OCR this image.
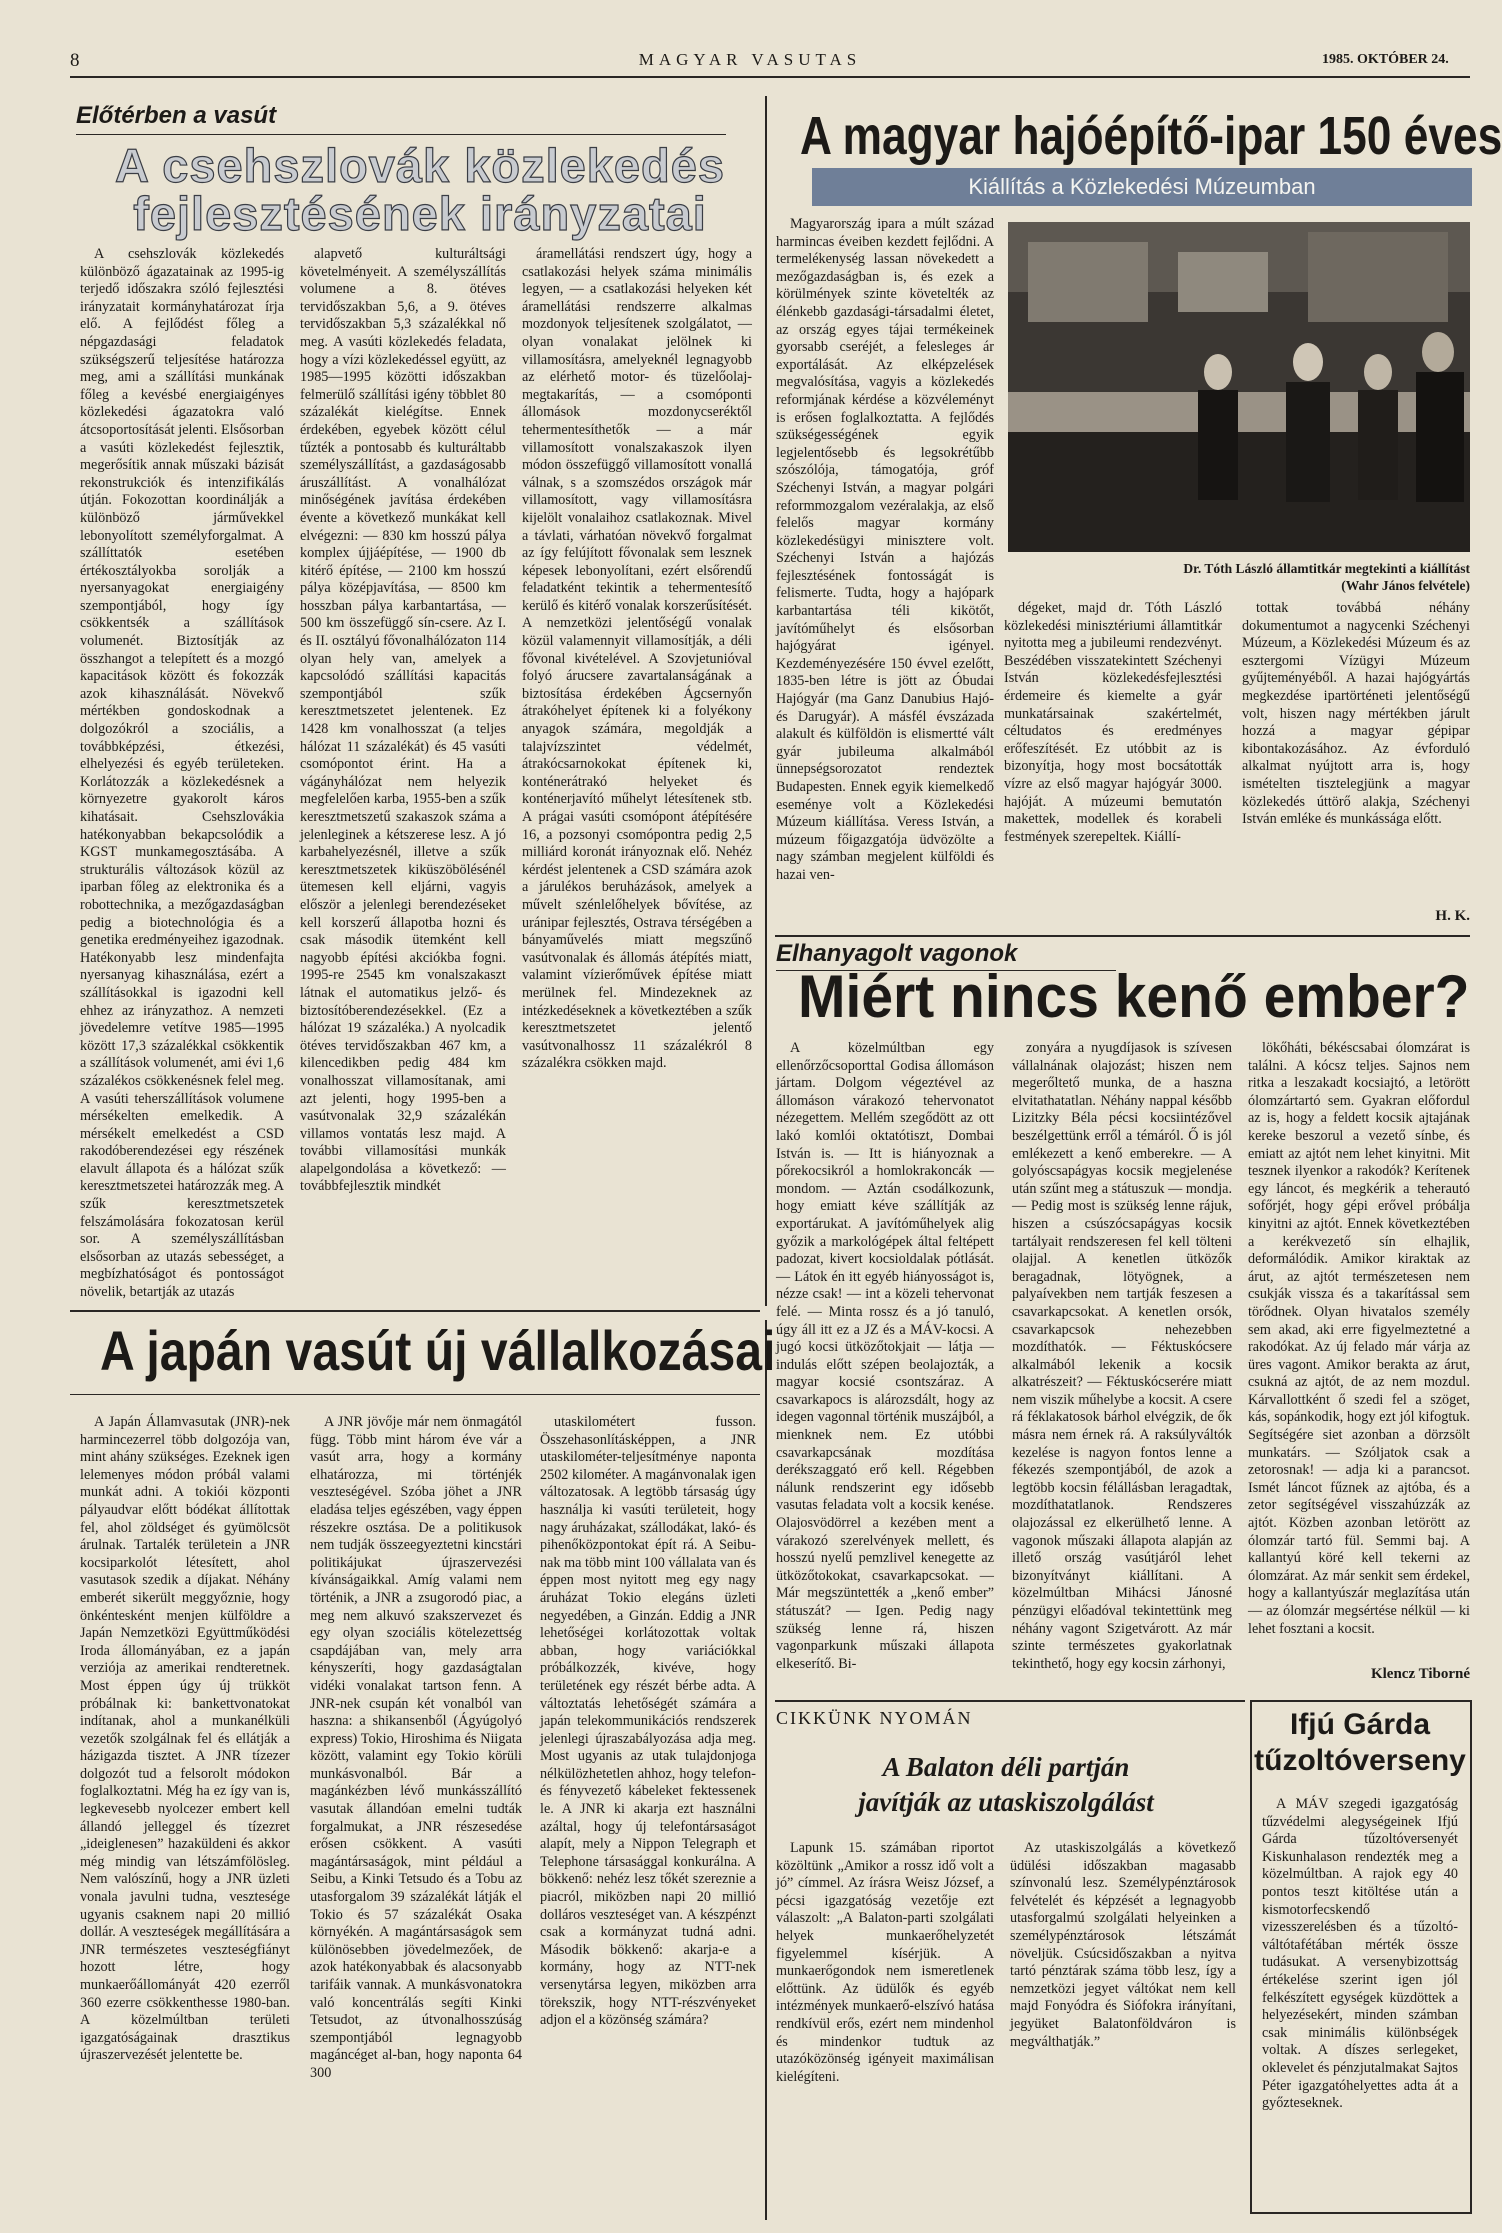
8	MAGYAR VASUTAS	1985. OKTÓBER 24.
Előtérben a vasút
A csehszlovák közlekedés
fejlesztésének irányzatai

A csehszlovák közlekedés különböző ágazatainak az 1995-ig terjedő időszakra szóló fejlesztési irányzatait kormányhatározat írja elő. A fejlődést főleg a népgazdasági feladatok szükségszerű teljesítése határozza meg, ami a szállítási munkának főleg a kevésbé energiaigényes közlekedési ágazatokra való átcsoportosítását jelenti. Elsősorban a vasúti közlekedést fejlesztik, megerősítik annak műszaki bázisát rekonstrukciók és intenzifikálás útján. Fokozottan koordinálják a különböző járművekkel lebonyolított személyforgalmat. A szállíttatók esetében értékosztályokba sorolják a nyersanyagokat energiaigény szempontjából, hogy így csökkentsék a szállítások volumenét. Biztosítják az összhangot a telepített és a mozgó kapacitások között és fokozzák azok kihasználását. Növekvő mértékben gondoskodnak a dolgozókról a szociális, a továbbképzési, étkezési, elhelyezési és egyéb területeken. Korlátozzák a közlekedésnek a környezetre gyakorolt káros kihatásait. Csehszlovákia hatékonyabban bekapcsolódik a KGST munkamegosztásába. A strukturális változások közül az iparban főleg az elektronika és a robottechnika, a mezőgazdaságban pedig a biotechnológia és a genetika eredményeihez igazodnak. Hatékonyabb lesz mindenfajta nyersanyag kihasználása, ezért a szállításokkal is igazodni kell ehhez az irányzathoz. A nemzeti jövedelemre vetítve 1985—1995 között 17,3 százalékkal csökkentik a szállítások volumenét, ami évi 1,6 százalékos csökkenésnek felel meg. A vasúti teherszállítások volumene mérsékelten emelkedik. A mérsékelt emelkedést a CSD rakodóberendezései egy részének elavult állapota és a hálózat szűk keresztmetszetei határozzák meg. A szűk keresztmetszetek felszámolására fokozatosan kerül sor. A személyszállításban elsősorban az utazás sebességet, a megbízhatóságot és pontosságot növelik, betartják az utazás

alapvető kulturáltsági követelményeit. A személyszállítás volumene a 8. ötéves tervidőszakban 5,6, a 9. ötéves tervidőszakban 5,3 százalékkal nő meg. A vasúti közlekedés feladata, hogy a vízi közlekedéssel együtt, az 1985—1995 közötti időszakban felmerülő szállítási igény többlet 80 százalékát kielégítse. Ennek érdekében, egyebek között célul tűzték a pontosabb és kulturáltabb személyszállítást, a gazdaságosabb áruszállítást. A vonalhálózat minőségének javítása érdekében évente a következő munkákat kell elvégezni: — 830 km hosszú pálya komplex újjáépítése, — 1900 db kitérő építése, — 2100 km hosszú pálya középjavítása, — 8500 km hosszban pálya karbantartása, — 500 km összefüggő sín-csere. Az I. és II. osztályú fővonalhálózaton 114 olyan hely van, amelyek a kapcsolódó szállítási kapacitás szempontjából szűk keresztmetszetet jelentenek. Ez 1428 km vonalhosszat (a teljes hálózat 11 százalékát) és 45 vasúti csomópontot érint. Ha a vágányhálózat nem helyezik megfelelően karba, 1955-ben a szűk keresztmetszetű szakaszok száma a jelenleginek a kétszerese lesz. A jó karbahelyezésnél, illetve a szűk keresztmetszetek kiküszöbölésénél ütemesen kell eljárni, vagyis először a jelenlegi berendezéseket kell korszerű állapotba hozni és csak második ütemként kell nagyobb építési akciókba fogni. 1995-re 2545 km vonalszakaszt látnak el automatikus jelző- és biztosítóberendezésekkel. (Ez a hálózat 19 százaléka.) A nyolcadik ötéves tervidőszakban 467 km, a kilencedikben pedig 484 km vonalhosszat villamosítanak, ami azt jelenti, hogy 1995-ben a vasútvonalak 32,9 százalékán villamos vontatás lesz majd. A további villamosítási munkák alapelgondolása a következő: — továbbfejlesztik mindkét

áramellátási rendszert úgy, hogy a csatlakozási helyek száma minimális legyen, — a csatlakozási helyeken két áramellátási rendszerre alkalmas mozdonyok teljesítenek szolgálatot, — olyan vonalakat jelölnek ki villamosításra, amelyeknél legnagyobb az elérhető motor- és tüzelőolaj-megtakarítás, — a csomóponti állomások mozdonycseréktől tehermentesíthetők — a már villamosított vonalszakaszok ilyen módon összefüggő villamosított vonallá válnak, s a szomszédos országok már villamosított, vagy villamosításra kijelölt vonalaihoz csatlakoznak. Mivel a távlati, várhatóan növekvő forgalmat az így felújított fővonalak sem lesznek képesek lebonyolítani, ezért elsőrendű feladatként tekintik a tehermentesítő kerülő és kitérő vonalak korszerűsítését. A nemzetközi jelentőségű vonalak közül valamennyit villamosítják, a déli fővonal kivételével. A Szovjetunióval folyó árucsere zavartalanságának a biztosítása érdekében Ágcsernyőn átrakóhelyet építenek ki a folyékony anyagok számára, megoldják a talajvízszintet védelmét, átrakócsarnokokat építenek ki, konténerátrakó helyeket és konténerjavító műhelyt létesítenek stb. A prágai vasúti csomópont átépítésére 16, a pozsonyi csomópontra pedig 2,5 milliárd koronát irányoznak elő. Nehéz kérdést jelentenek a CSD számára azok a járulékos beruházások, amelyek a művelt szénlelőhelyek bővítése, az uránipar fejlesztés, Ostrava térségében a bányaművelés miatt megszűnő vasútvonalak és állomás átépítés miatt, valamint vízierőművek építése miatt merülnek fel. Mindezeknek az intézkedéseknek a következtében a szűk keresztmetszetet jelentő vasútvonalhossz 11 százalékról 8 százalékra csökken majd.

A magyar hajóépítő-ipar 150 éves
Kiállítás a Közlekedési Múzeumban

Magyarország ipara a múlt század harmincas éveiben kezdett fejlődni. A termelékenység lassan növekedett a mezőgazdaságban is, és ezek a körülmények szinte követelték az élénkebb gazdasági-társadalmi életet, az ország egyes tájai termékeinek gyorsabb cseréjét, a felesleges ár exportálását. Az elképzelések megvalósítása, vagyis a közlekedés reformjának kérdése a közvéleményt is erősen foglalkoztatta. A fejlődés szükségességének egyik legjelentősebb és legsokrétűbb szószólója, támogatója, gróf Széchenyi István, a magyar polgári reformmozgalom vezéralakja, az első felelős magyar kormány közlekedésügyi minisztere volt. Széchenyi István a hajózás fejlesztésének fontosságát is felismerte. Tudta, hogy a hajópark karbantartása téli kikötőt, javítóműhelyt és elsősorban hajógyárat igényel. Kezdeményezésére 150 évvel ezelőtt, 1835-ben létre is jött az Óbudai Hajógyár (ma Ganz Danubius Hajó- és Darugyár). A másfél évszázada alakult és külföldön is elismertté vált gyár jubileuma alkalmából ünnepségsorozatot rendeztek Budapesten. Ennek egyik kiemelkedő eseménye volt a Közlekedési Múzeum kiállítása. Veress István, a múzeum főigazgatója üdvözölte a nagy számban megjelent külföldi és hazai ven-

Dr. Tóth László államtitkár megtekinti a kiállítást
(Wahr János felvétele)

dégeket, majd dr. Tóth László közlekedési minisztériumi államtitkár nyitotta meg a jubileumi rendezvényt. Beszédében visszatekintett Széchenyi István közlekedésfejlesztési érdemeire és kiemelte a gyár munkatársainak szakértelmét, céltudatos és eredményes erőfeszítését. Ez utóbbit az is bizonyítja, hogy most bocsátották vízre az első magyar hajógyár 3000. hajóját. A múzeumi bemutatón makettek, modellek és korabeli festmények szerepeltek. Kiállí-

tottak továbbá néhány dokumentumot a nagycenki Széchenyi Múzeum, a Közlekedési Múzeum és az esztergomi Vízügyi Múzeum gyűjteményéből. A hazai hajógyártás megkezdése ipartörténeti jelentőségű volt, hiszen nagy mértékben járult hozzá a magyar gépipar kibontakozásához. Az évforduló alkalmat nyújtott arra is, hogy ismételten tisztelegjünk a magyar közlekedés úttörő alakja, Széchenyi István emléke és munkássága előtt.

H. K.
Elhanyagolt vagonok
Miért nincs kenő ember?

A közelmúltban egy ellenőrzőcsoporttal Godisa állomáson jártam. Dolgom végeztével az állomáson várakozó tehervonatot nézegettem. Mellém szegődött az ott lakó komlói oktatótiszt, Dombai István is. — Itt is hiányoznak a pőrekocsikról a homlokrakoncák — mondom. — Aztán csodálkozunk, hogy emiatt kéve szállítják az exportárukat. A javítóműhelyek alig győzik a markológépek által feltépett padozat, kivert kocsioldalak pótlását. — Látok én itt egyéb hiányosságot is, nézze csak! — int a közeli tehervonat felé. — Minta rossz és a jó tanuló, úgy áll itt ez a JZ és a MÁV-kocsi. A jugó kocsi ütközőtokjait — látja — indulás előtt szépen beolajozták, a magyar kocsié csontszáraz. A csavarkapocs is alározsdált, hogy az idegen vagonnal történik muszájból, a mienknek nem. Ez utóbbi csavarkapcsának mozdítása derékszaggató erő kell. Régebben nálunk rendszerint egy idősebb vasutas feladata volt a kocsik kenése. Olajosvödörrel a kezében ment a várakozó szerelvények mellett, és hosszú nyelű pemzlivel kenegette az ütközőtokokat, csavarkapcsokat. — Már megszüntették a „kenő ember” státuszát? — Igen. Pedig nagy szükség lenne rá, hiszen vagonparkunk műszaki állapota elkeserítő. Bi-

zonyára a nyugdíjasok is szívesen vállalnának olajozást; hiszen nem megerőltető munka, de a haszna elvitathatatlan. Néhány nappal később Lizitzky Béla pécsi kocsiintézővel beszélgettünk erről a témáról. Ő is jól emlékezett a kenő emberekre. — A golyóscsapágyas kocsik megjelenése után szűnt meg a státuszuk — mondja. — Pedig most is szükség lenne rájuk, hiszen a csúszócsapágyas kocsik tartályait rendszeresen fel kell tölteni olajjal. A kenetlen ütközők beragadnak, lötyögnek, a palyaívekben nem tartják feszesen a csavarkapcsokat. A kenetlen orsók, csavarkapcsok nehezebben mozdíthatók. — Féktuskócsere alkalmából lekenik a kocsik alkatrészeit? — Féktuskócserére miatt nem viszik műhelybe a kocsit. A csere rá féklakatosok bárhol elvégzik, de ők másra nem érnek rá. A raksúlyváltók kezelése is nagyon fontos lenne a fékezés szempontjából, de azok a legtöbb kocsin félállásban leragadtak, mozdíthatatlanok. Rendszeres olajozással ez elkerülhető lenne. A vagonok műszaki állapota alapján az illető ország vasútjáról lehet bizonyítványt kiállítani. A közelmúltban Mihácsi Jánosné pénzügyi előadóval tekintettünk meg néhány vagont Szigetvárott. Az már szinte természetes gyakorlatnak tekinthető, hogy egy kocsin zárhonyi,

lökőháti, békéscsabai ólomzárat is találni. A kócsz teljes. Sajnos nem ritka a leszakadt kocsiajtó, a letörött ólomzártartó sem. Gyakran előfordul az is, hogy a feldett kocsik ajtajának kereke beszorul a vezető sínbe, és emiatt az ajtót nem lehet kinyitni. Mit tesznek ilyenkor a rakodók? Kerítenek egy láncot, és megkérik a teherautó sofőrjét, hogy gépi erővel próbálja kinyitni az ajtót. Ennek következtében a kerékvezető sín elhajlik, deformálódik. Amikor kiraktak az árut, az ajtót természetesen nem csukják vissza és a takarítással sem törődnek. Olyan hivatalos személy sem akad, aki erre figyelmeztetné a rakodókat. Az új felado már várja az üres vagont. Amikor berakta az árut, csukná az ajtót, de az nem mozdul. Kárvallottként ő szedi fel a szöget, kás, sopánkodik, hogy ezt jól kifogtuk. Segítségére siet azonban a dörzsölt munkatárs. — Szóljatok csak a zetorosnak! — adja ki a parancsot. Ismét láncot fűznek az ajtóba, és a zetor segítségével visszahúzzák az ajtót. Közben azonban letörött az ólomzár tartó fül. Semmi baj. A kallantyú köré kell tekerni az ólomzárat. Az már senkit sem érdekel, hogy a kallantyúszár meglazítása után — az ólomzár megsértése nélkül — ki lehet fosztani a kocsit.

Klencz Tiborné
A japán vasút új vállalkozásai

A Japán Államvasutak (JNR)-nek harmincezerrel több dolgozója van, mint ahány szükséges. Ezeknek igen lelemenyes módon próbál valami munkát adni. A tokiói központi pályaudvar előtt bódékat állítottak fel, ahol zöldséget és gyümölcsöt árulnak. Tartalék területein a JNR kocsiparkolót létesített, ahol vasutasok szedik a díjakat. Néhány emberét sikerült meggyőznie, hogy önkéntesként menjen külföldre a Japán Nemzetközi Együttműködési Iroda állományában, ez a japán verziója az amerikai rendteretnek. Most éppen úgy új trükköt próbálnak ki: bankettvonatokat indítanak, ahol a munkanélküli vezetők szolgálnak fel és ellátják a házigazda tisztet. A JNR tízezer dolgozót tud a felsorolt módokon foglalkoztatni. Még ha ez így van is, legkevesebb nyolcezer embert kell állandó jelleggel és tízezret „ideiglenesen” hazaküldeni és akkor még mindig van létszámfölösleg. Nem valószínű, hogy a JNR üzleti vonala javulni tudna, vesztesége ugyanis csaknem napi 20 millió dollár. A veszteségek megállítására a JNR természetes veszteségfiányt hozott létre, hogy munkaerőállományát 420 ezerről 360 ezerre csökkenthesse 1980-ban. A közelmúltban területi igazgatóságainak drasztikus újraszervezését jelentette be.

A JNR jövője már nem önmagától függ. Több mint három éve vár a vasút arra, hogy a kormány elhatározza, mi történjék veszteségével. Szóba jöhet a JNR eladása teljes egészében, vagy éppen részekre osztása. De a politikusok nem tudják összeegyeztetni kincstári politikájukat újraszervezési kívánságaikkal. Amíg valami nem történik, a JNR a zsugorodó piac, a meg nem alkuvó szakszervezet és egy olyan szociális kötelezettség csapdájában van, mely arra kényszeríti, hogy gazdaságtalan vidéki vonalakat tartson fenn. A JNR-nek csupán két vonalból van haszna: a shikansenből (Ágyúgolyó express) Tokio, Hiroshima és Niigata között, valamint egy Tokio körüli munkásvonalból. Bár a magánkézben lévő munkásszállító vasutak állandóan emelni tudták forgalmukat, a JNR részesedése erősen csökkent. A vasúti magántársaságok, mint például a Seibu, a Kinki Tetsudo és a Tobu az utasforgalom 39 százalékát látják el Tokio és 57 százalékát Osaka környékén. A magántársaságok sem különösebben jövedelmezőek, de azok hatékonyabbak és alacsonyabb tarifáik vannak. A munkásvonatokra való koncentrálás segíti Kinki Tetsudot, az útvonalhosszúság szempontjából legnagyobb magáncéget al-ban, hogy naponta 64 300

utaskilométert fusson. Összehasonlításképpen, a JNR utaskilométer-teljesítménye naponta 2502 kilométer. A magánvonalak igen változatosak. A legtöbb társaság úgy használja ki vasúti területeit, hogy nagy áruházakat, szállodákat, lakó- és pihenőközpontokat épít rá. A Seibu-nak ma több mint 100 vállalata van és éppen most nyitott meg egy nagy áruházat Tokio elegáns üzleti negyedében, a Ginzán. Eddig a JNR lehetőségei korlátozottak voltak abban, hogy variációkkal próbálkozzék, kivéve, hogy területének egy részét bérbe adta. A változtatás lehetőségét számára a japán telekommunikációs rendszerek jelenlegi újraszabályozása adja meg. Most ugyanis az utak tulajdonjoga nélkülözhetetlen ahhoz, hogy telefon- és fényvezető kábeleket fektessenek le. A JNR ki akarja ezt használni azáltal, hogy új telefontársaságot alapít, mely a Nippon Telegraph et Telephone társasággal konkurálna. A bökkenő: nehéz lesz tőkét szereznie a piacról, miközben napi 20 millió dolláros veszteséget van. A készpénzt csak a kormányzat tudná adni. Második bökkenő: akarja-e a kormány, hogy az NTT-nek versenytársa legyen, miközben arra törekszik, hogy NTT-részvényeket adjon el a közönség számára?

CIKKÜNK NYOMÁN
A Balaton déli partján
javítják az utaskiszolgálást

Lapunk 15. számában riportot közöltünk „Amikor a rossz idő volt a jó” címmel. Az írásra Weisz József, a pécsi igazgatóság vezetője ezt válaszolt: „A Balaton-parti szolgálati helyek munkaerőhelyzetét figyelemmel kísérjük. A munkaerőgondok nem ismeretlenek előttünk. Az üdülők és egyéb intézmények munkaerő-elszívó hatása rendkívül erős, ezért nem mindenhol és mindenkor tudtuk az utazóközönség igényeit maximálisan kielégíteni.

Az utaskiszolgálás a következő üdülési időszakban magasabb színvonalú lesz. Személypénztárosok felvételét és képzését a legnagyobb utasforgalmú szolgálati helyeinken a személypénztárosok létszámát növeljük. Csúcsidőszakban a nyitva tartó pénztárak száma több lesz, így a nemzetközi jegyet váltókat nem kell majd Fonyódra és Siófokra irányítani, jegyüket Balatonföldváron is megválthatják.”

Ifjú Gárda
tűzoltóverseny

A MÁV szegedi igazgatóság tűzvédelmi alegységeinek Ifjú Gárda tűzoltóversenyét Kiskunhalason rendezték meg a közelmúltban. A rajok egy 40 pontos teszt kitöltése után a kismotorfecskendő vizesszerelésben és a tűzoltó-váltótafétában mérték össze tudásukat. A versenybizottság értékelése szerint igen jól felkészített egységek küzdöttek a helyezésekért, minden számban csak minimális különbségek voltak. A díszes serlegeket, oklevelet és pénzjutalmakat Sajtos Péter igazgatóhelyettes adta át a győzteseknek.
